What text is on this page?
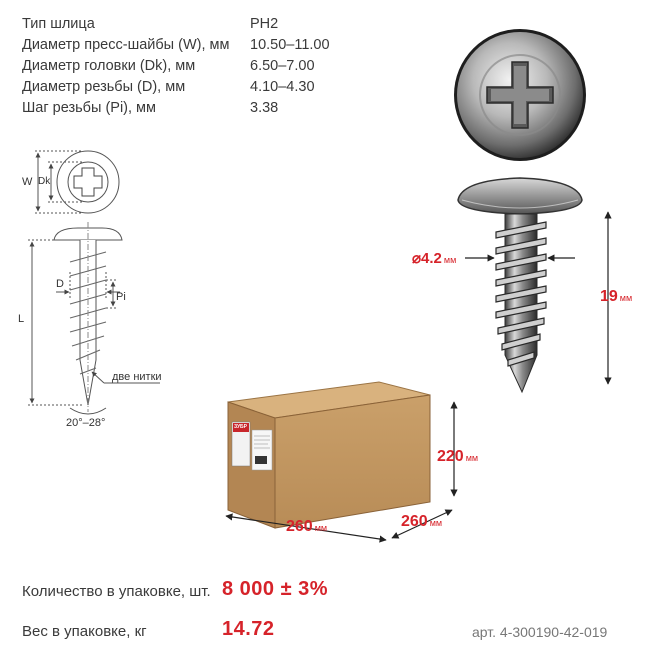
Тип шлица	PH2
Диаметр пресс-шайбы (W), мм	10.50–11.00
Диаметр головки (Dk), мм	6.50–7.00
Диаметр резьбы (D), мм	4.10–4.30
Шаг резьбы (Pi), мм	3.38
W Dk
L
D
Pi
две нитки
20°–28°
⌀4.2 мм
19 мм
220 мм
260 мм	260 мм
ЗУБР
Количество в упаковке, шт. 8 000 ± 3%
Вес в упаковке, кг	14.72	арт. 4-300190-42-019
